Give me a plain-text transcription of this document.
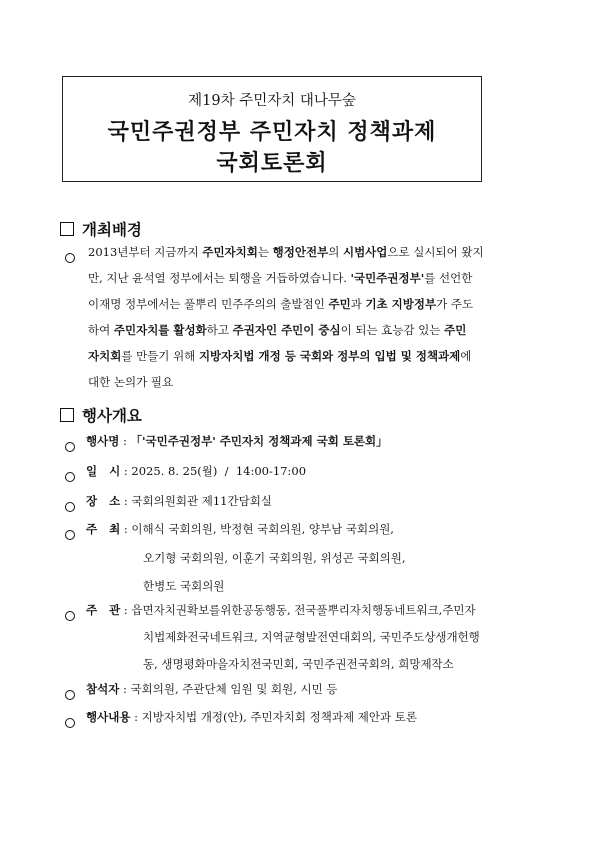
제19차 주민자치 대나무숲
국민주권정부 주민자치 정책과제
국회토론회
개최배경
2013년부터 지금까지 주민자치회는 행정안전부의 시범사업으로 실시되어 왔지
만, 지난 윤석열 정부에서는 퇴행을 거듭하였습니다. '국민주권정부'를 선언한
이재명 정부에서는 풀뿌리 민주주의의 출발점인 주민과 기초 지방정부가 주도
하여 주민자치를 활성화하고 주권자인 주민이 중심이 되는 효능감 있는 주민
자치회를 만들기 위해 지방자치법 개정 등 국회와 정부의 입법 및 정책과제에
대한 논의가 필요
행사개요
행사명 : 「'국민주권정부' 주민자치 정책과제 국회 토론회」
일   시 : 2025. 8. 25(월)  /  14:00-17:00
장   소 : 국회의원회관 제11간담회실
주   최 : 이해식 국회의원, 박정현 국회의원, 양부남 국회의원,
오기형 국회의원, 이훈기 국회의원, 위성곤 국회의원,
한병도 국회의원
주   관 : 읍면자치권확보를위한공동행동, 전국풀뿌리자치행동네트워크,주민자
치법제화전국네트워크, 지역균형발전연대회의, 국민주도상생개헌행
동, 생명평화마을자치전국민회, 국민주권전국회의, 희망제작소
참석자 : 국회의원, 주관단체 임원 및 회원, 시민 등
행사내용 : 지방자치법 개정(안), 주민자치회 정책과제 제안과 토론
